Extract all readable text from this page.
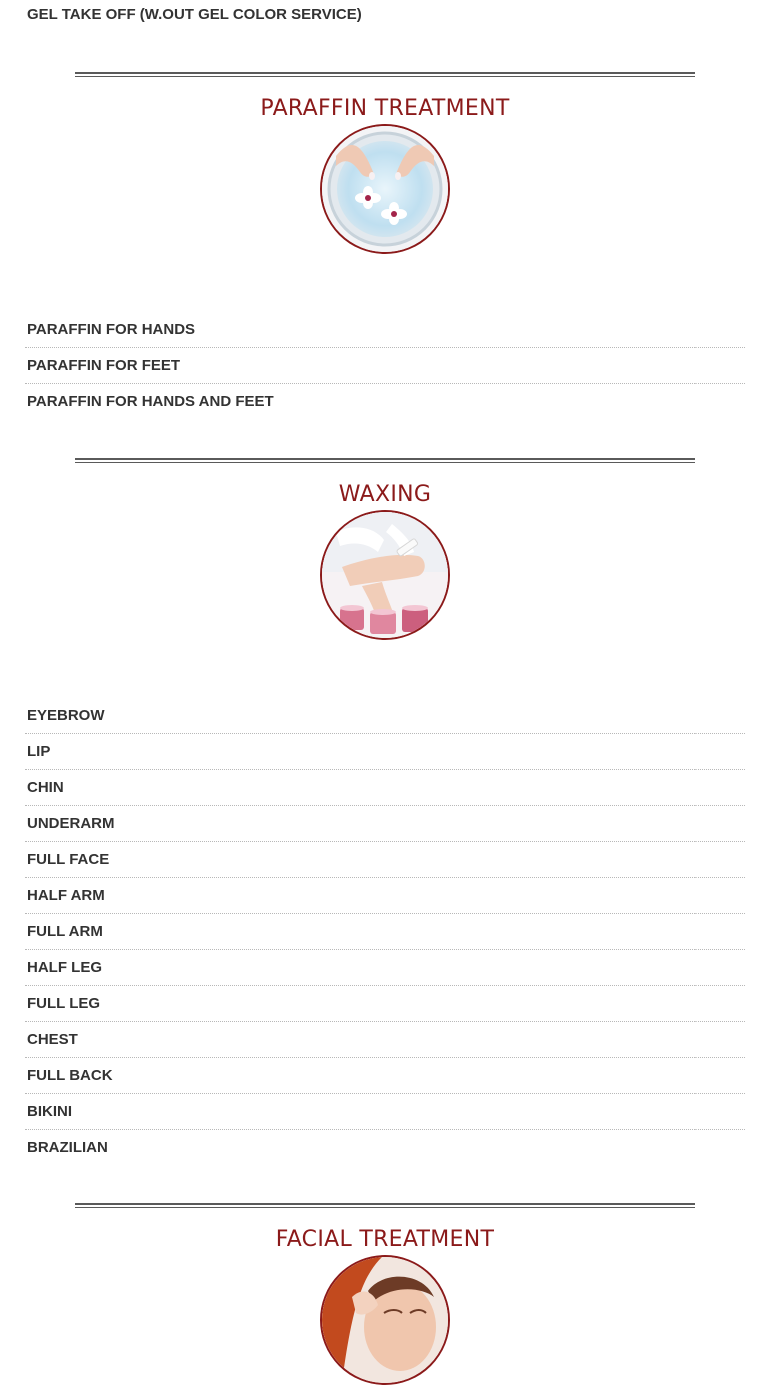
GEL TAKE OFF (W.OUT GEL COLOR SERVICE)

PARAFFIN TREATMENT
PARAFFIN FOR HANDS
PARAFFIN FOR FEET
PARAFFIN FOR HANDS AND FEET
WAXING
EYEBROW
LIP
CHIN
UNDERARM
FULL FACE
HALF ARM
FULL ARM
HALF LEG
FULL LEG
CHEST
FULL BACK
BIKINI
BRAZILIAN
FACIAL TREATMENT
